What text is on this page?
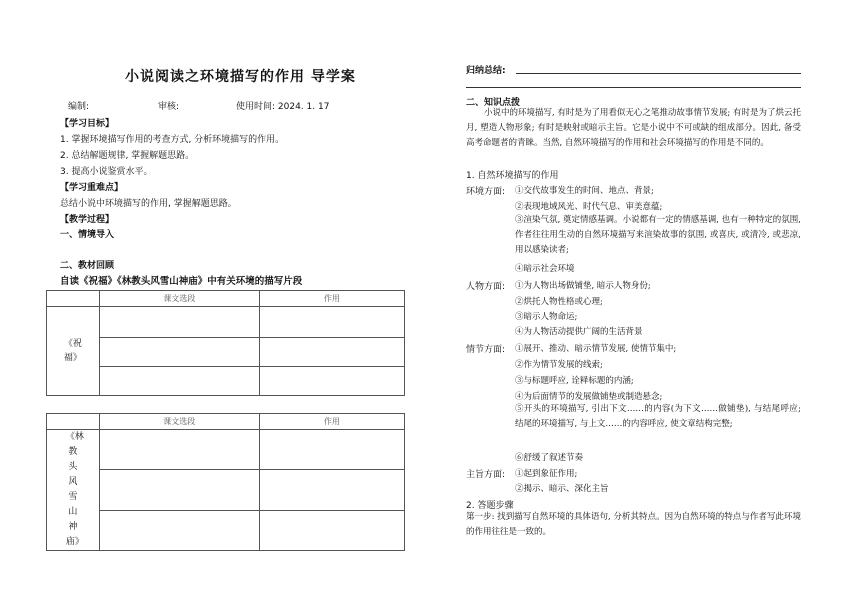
小说阅读之环境描写的作用 导学案
编制:	审核:	使用时间: 2024. 1. 17
【学习目标】
1. 掌握环境描写作用的考查方式, 分析环境描写的作用。
2. 总结解题规律, 掌握解题思路。
3. 提高小说鉴赏水平。
【学习重难点】
总结小说中环境描写的作用, 掌握解题思路。
【教学过程】
一、情境导入
二、教材回顾
自读《祝福》《林教头风雪山神庙》中有关环境的描写片段
	课文选段	作用
《祝福》		

	课文选段	作用
《林教头风雪山神庙》		

归纳总结:
二、知识点拨
小说中的环境描写, 有时是为了用看似无心之笔推动故事情节发展; 有时是为了烘云托月, 塑造人物形象; 有时是映射或暗示主旨。它是小说中不可或缺的组成部分。因此, 备受高考命题者的青睐。当然, 自然环境描写的作用和社会环境描写的作用是不同的。
1. 自然环境描写的作用
环境方面: ①交代故事发生的时间、地点、背景;
②表现地域风光、时代气息、审美意蕴;
③渲染气氛, 奠定情感基调。小说都有一定的情感基调, 也有一种特定的氛围, 作者往往用生动的自然环境描写来渲染故事的氛围, 或喜庆, 或清冷, 或悲凉, 用以感染读者;
④暗示社会环境
人物方面: ①为人物出场做铺垫, 暗示人物身份;
②烘托人物性格或心理;
③暗示人物命运;
④为人物活动提供广阔的生活背景
情节方面: ①展开、推动、暗示情节发展, 使情节集中;
②作为情节发展的线索;
③与标题呼应, 诠释标题的内涵;
④为后面情节的发展做铺垫或制造悬念;
⑤开头的环境描写, 引出下文……的内容(为下文……做铺垫), 与结尾呼应; 结尾的环境描写, 与上文……的内容呼应, 使文章结构完整;
⑥舒缓了叙述节奏
主旨方面: ①起到象征作用;
②揭示、暗示、深化主旨
2. 答题步骤
第一步: 找到描写自然环境的具体语句, 分析其特点。因为自然环境的特点与作者写此环境的作用往往是一致的。
